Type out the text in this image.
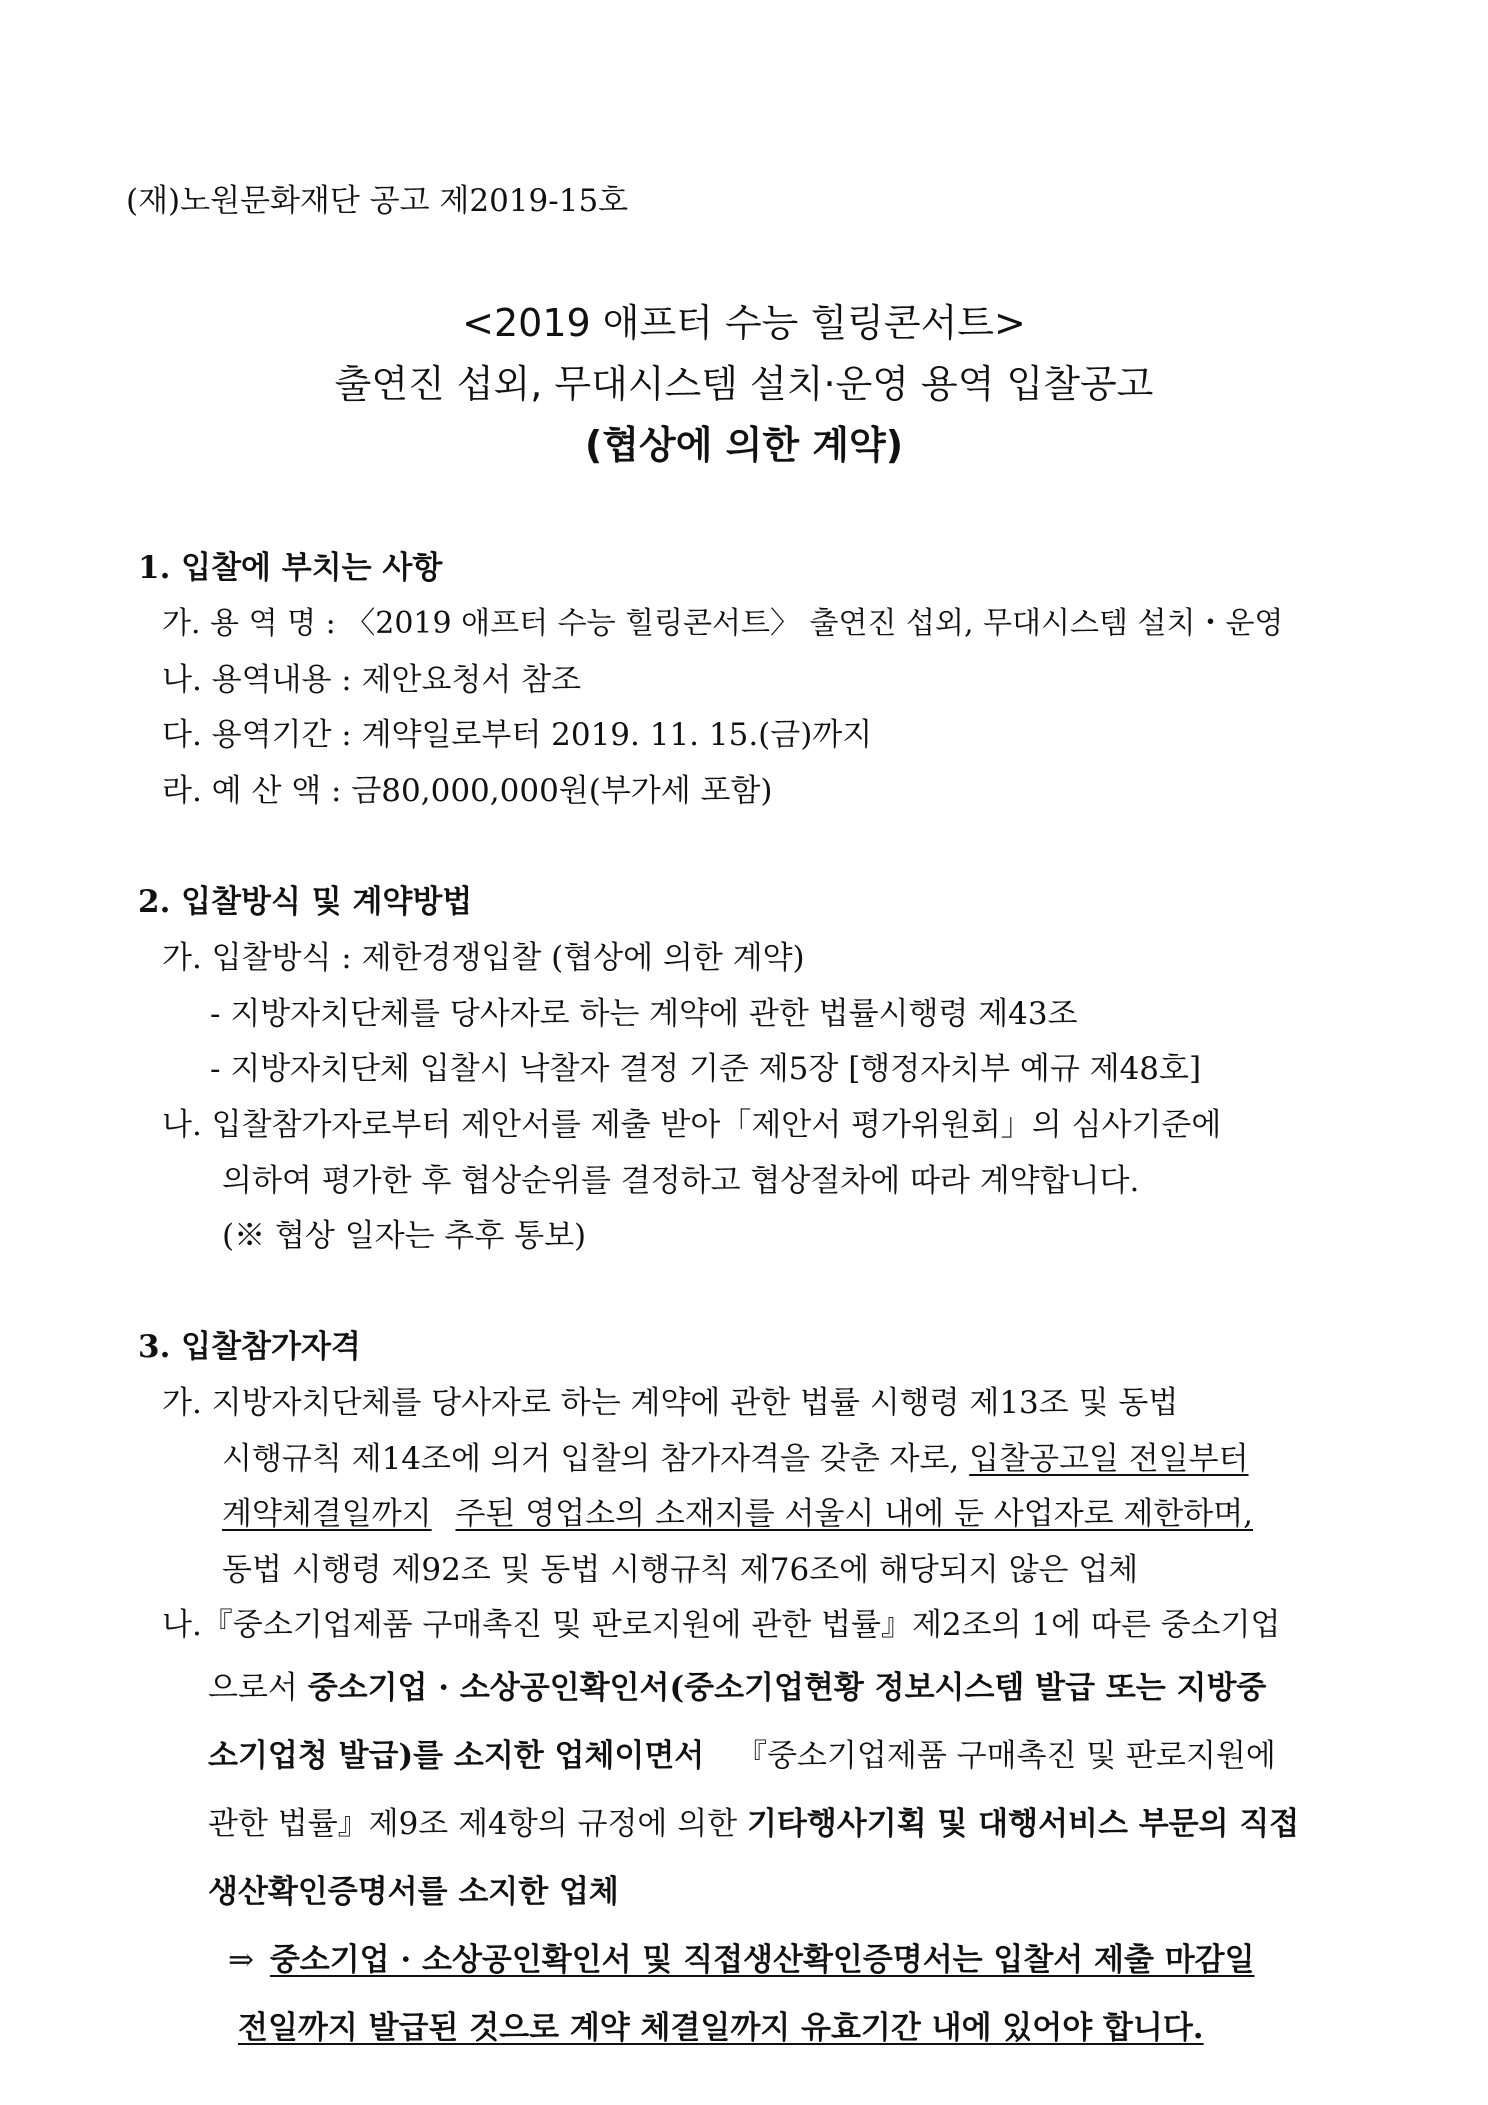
(재)노원문화재단 공고 제2019-15호
<2019 애프터 수능 힐링콘서트>
출연진 섭외, 무대시스템 설치·운영 용역 입찰공고
(협상에 의한 계약)
1. 입찰에 부치는 사항
가. 용 역 명 : 〈2019 애프터 수능 힐링콘서트〉 출연진 섭외, 무대시스템 설치・운영
나. 용역내용 : 제안요청서 참조
다. 용역기간 : 계약일로부터 2019. 11. 15.(금)까지
라. 예 산 액 : 금80,000,000원(부가세 포함)
2. 입찰방식 및 계약방법
가. 입찰방식 : 제한경쟁입찰 (협상에 의한 계약)
- 지방자치단체를 당사자로 하는 계약에 관한 법률시행령 제43조
- 지방자치단체 입찰시 낙찰자 결정 기준 제5장 [행정자치부 예규 제48호]
나. 입찰참가자로부터 제안서를 제출 받아「제안서 평가위원회」의 심사기준에
의하여 평가한 후 협상순위를 결정하고 협상절차에 따라 계약합니다.
(※ 협상 일자는 추후 통보)
3. 입찰참가자격
가. 지방자치단체를 당사자로 하는 계약에 관한 법률 시행령 제13조 및 동법
시행규칙 제14조에 의거 입찰의 참가자격을 갖춘 자로, 입찰공고일 전일부터
계약체결일까지 주된 영업소의 소재지를 서울시 내에 둔 사업자로 제한하며,
동법 시행령 제92조 및 동법 시행규칙 제76조에 해당되지 않은 업체
나.『중소기업제품 구매촉진 및 판로지원에 관한 법률』제2조의 1에 따른 중소기업
으로서 중소기업 · 소상공인확인서(중소기업현황 정보시스템 발급 또는 지방중
소기업청 발급)를 소지한 업체이면서 『중소기업제품 구매촉진 및 판로지원에
관한 법률』제9조 제4항의 규정에 의한 기타행사기획 및 대행서비스 부문의 직접
생산확인증명서를 소지한 업체
⇒ 중소기업 · 소상공인확인서 및 직접생산확인증명서는 입찰서 제출 마감일
전일까지 발급된 것으로 계약 체결일까지 유효기간 내에 있어야 합니다.
